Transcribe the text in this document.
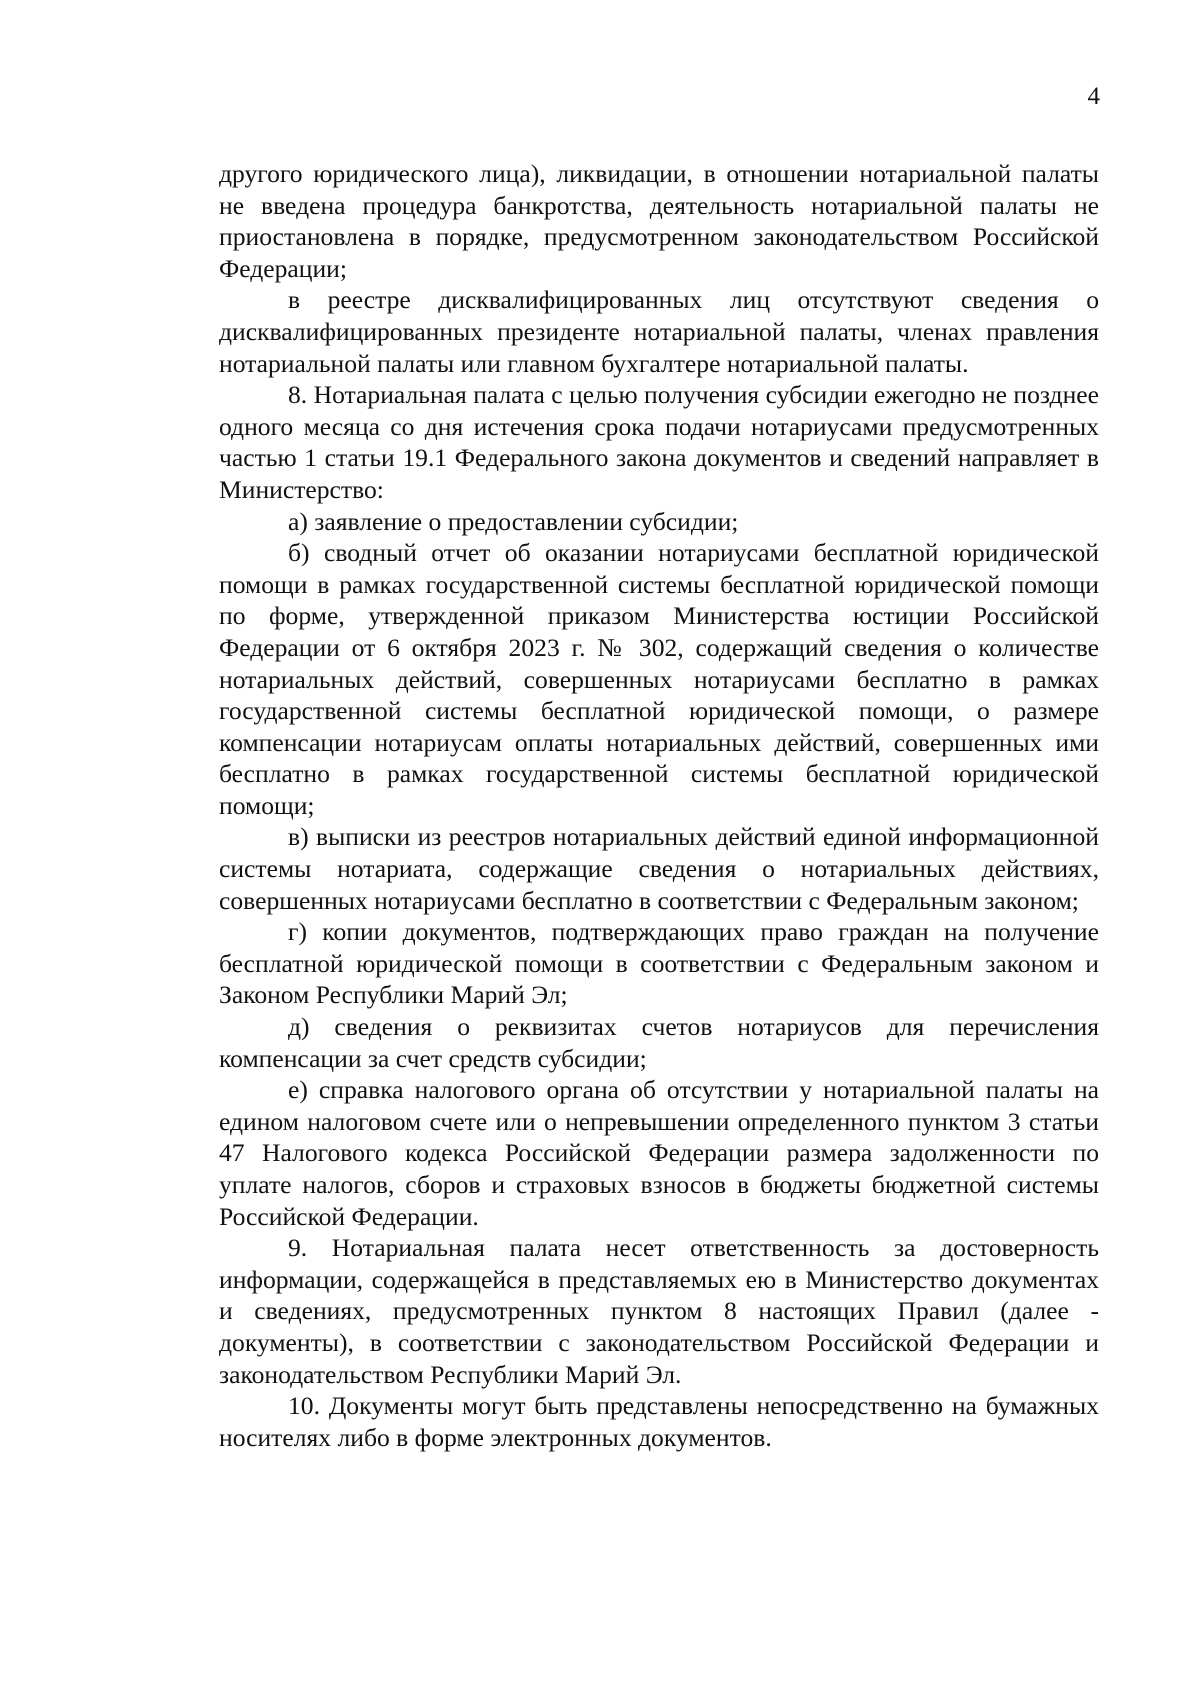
4

другого юридического лица), ликвидации, в отношении нотариальной палаты не введена процедура банкротства, деятельность нотариальной палаты не приостановлена в порядке, предусмотренном законодательством Российской Федерации;

в реестре дисквалифицированных лиц отсутствуют сведения о дисквалифицированных президенте нотариальной палаты, членах правления нотариальной палаты или главном бухгалтере нотариальной палаты.

8. Нотариальная палата с целью получения субсидии ежегодно не позднее одного месяца со дня истечения срока подачи нотариусами предусмотренных частью 1 статьи 19.1 Федерального закона документов и сведений направляет в Министерство:

а) заявление о предоставлении субсидии;

б) сводный отчет об оказании нотариусами бесплатной юридической помощи в рамках государственной системы бесплатной юридической помощи по форме, утвержденной приказом Министерства юстиции Российской Федерации от 6 октября 2023 г. № 302, содержащий сведения о количестве нотариальных действий, совершенных нотариусами бесплатно в рамках государственной системы бесплатной юридической помощи, о размере компенсации нотариусам оплаты нотариальных действий, совершенных ими бесплатно в рамках государственной системы бесплатной юридической помощи;

в) выписки из реестров нотариальных действий единой информационной системы нотариата, содержащие сведения о нотариальных действиях, совершенных нотариусами бесплатно в соответствии с Федеральным законом;

г) копии документов, подтверждающих право граждан на получение бесплатной юридической помощи в соответствии с Федеральным законом и Законом Республики Марий Эл;

д) сведения о реквизитах счетов нотариусов для перечисления компенсации за счет средств субсидии;

е) справка налогового органа об отсутствии у нотариальной палаты на едином налоговом счете или о непревышении определенного пунктом 3 статьи 47 Налогового кодекса Российской Федерации размера задолженности по уплате налогов, сборов и страховых взносов в бюджеты бюджетной системы Российской Федерации.

9. Нотариальная палата несет ответственность за достоверность информации, содержащейся в представляемых ею в Министерство документах и сведениях, предусмотренных пунктом 8 настоящих Правил (далее - документы), в соответствии с законодательством Российской Федерации и законодательством Республики Марий Эл.

10. Документы могут быть представлены непосредственно на бумажных носителях либо в форме электронных документов.
